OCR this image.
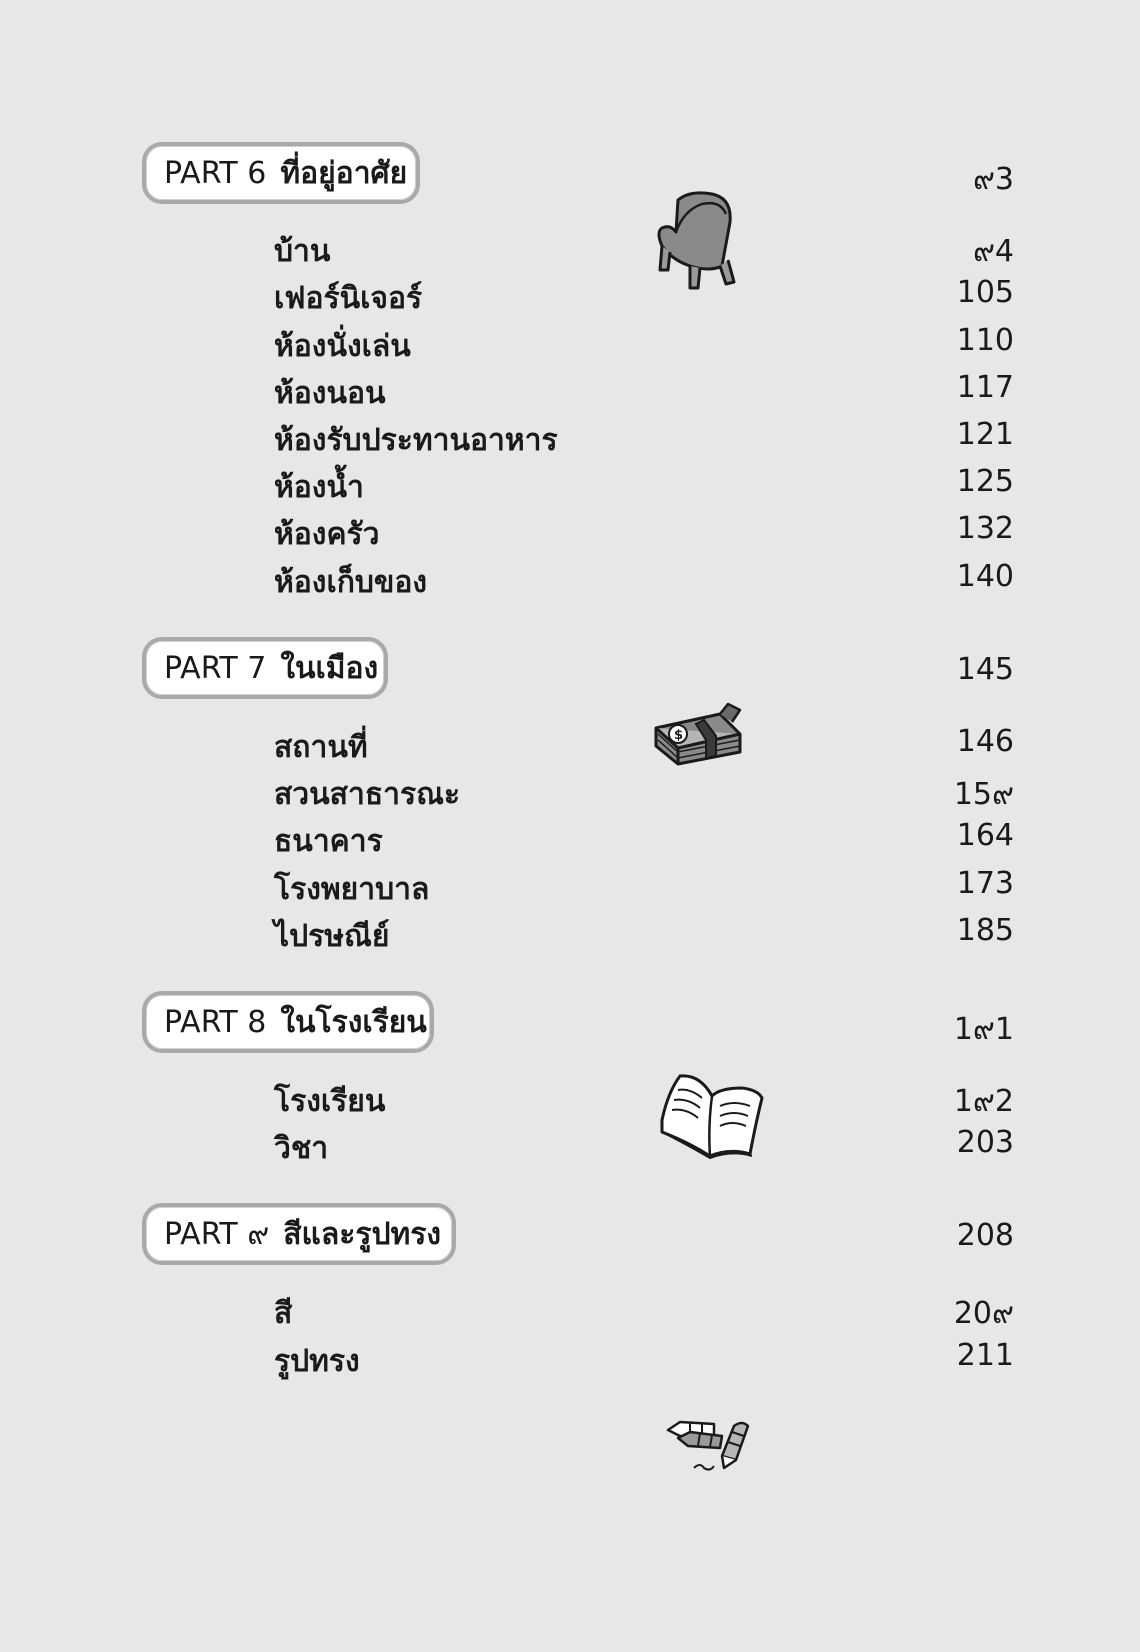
PART 6 ที่อยู่อาศัย	๙3
บ้าน	๙4
เฟอร์นิเจอร์	105
ห้องนั่งเล่น	110
ห้องนอน	117
ห้องรับประทานอาหาร	121
ห้องน้ำ	125
ห้องครัว	132
ห้องเก็บของ	140
PART 7 ในเมือง	145
สถานที่	146
สวนสาธารณะ	15๙
ธนาคาร	164
โรงพยาบาล	173
ไปรษณีย์	185
$
PART 8 ในโรงเรียน	1๙1
โรงเรียน	1๙2
วิชา	203
PART ๙ สีและรูปทรง	208
สี	20๙
รูปทรง	211
